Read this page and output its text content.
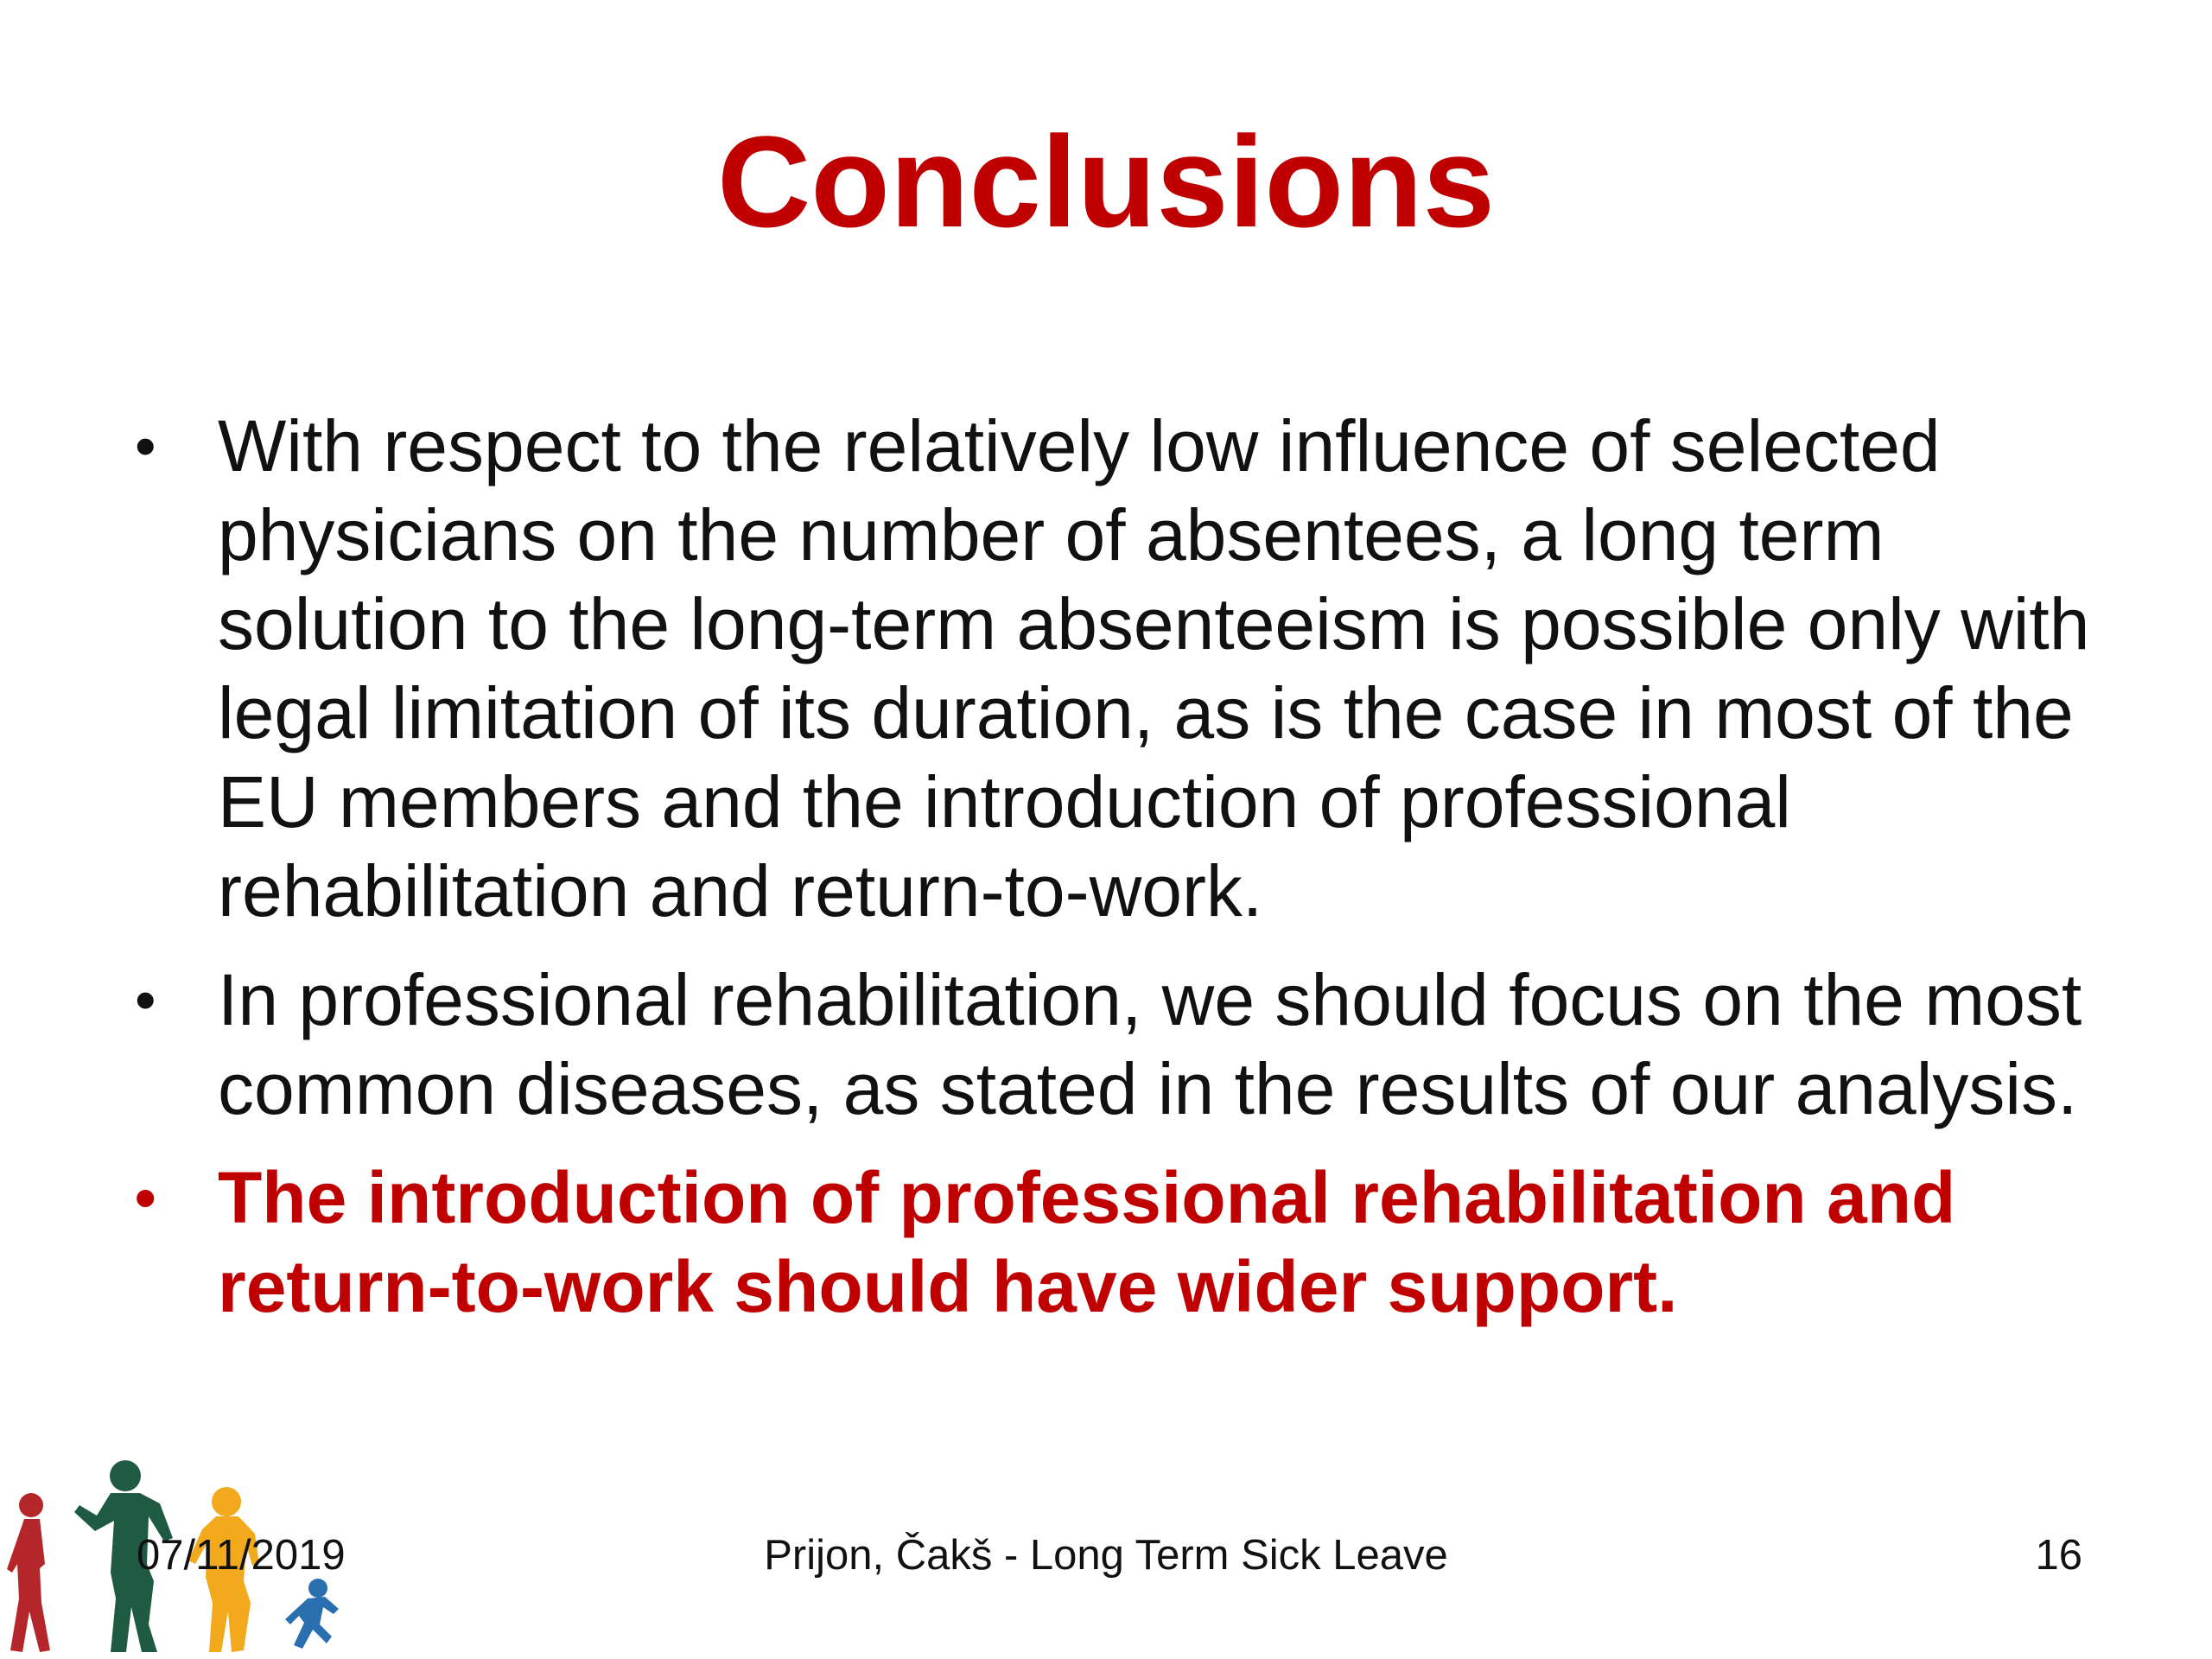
Conclusions
• With respect to the relatively low influence of selected physicians on the number of absentees, a long term solution to the long-term absenteeism is possible only with legal limitation of its duration, as is the case in most of the EU members and the introduction of professional rehabilitation and return-to-work.
• In professional rehabilitation, we should focus on the most common diseases, as stated in the results of our analysis.
• The introduction of professional rehabilitation and return-to-work should have wider support.
07/11/2019	Prijon, Čakš - Long Term Sick Leave	16
